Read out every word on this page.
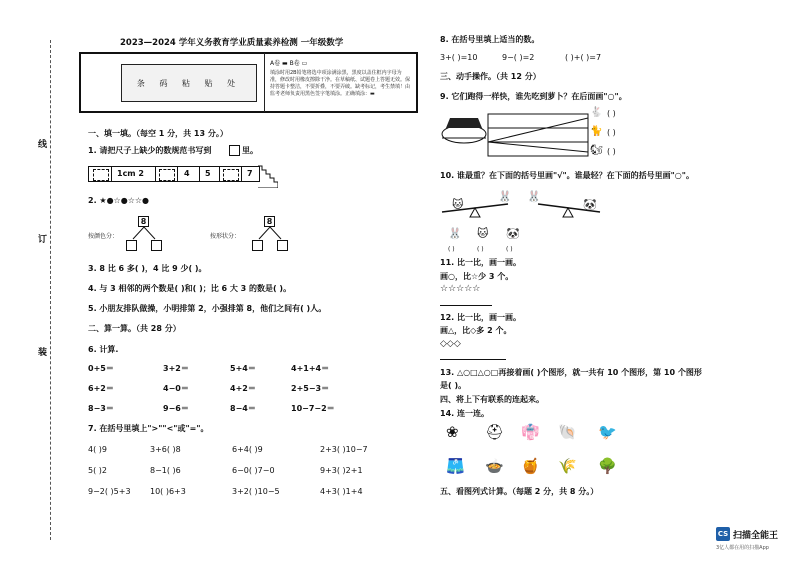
线
订
装
2023—2024 学年义务教育学业质量素养检测 一年级数学
条 码 粘 贴 处
A卷 ▬ B卷 ▭
填涂时用2B铅笔将选中项涂满涂黑，黑度以盖住框内字母为准，修改时用橡皮擦除干净。在草稿纸、试题卷上答题无效。保持答题卡整洁，不要折叠，不要弄破。缺考标记，考生禁填！由监考老师负责用黑色签字笔填涂。正确填涂：▬
一、填一填。（每空 1 分，共 13 分。）
1. 请把尺子上缺少的数规范书写到	里。
1cm 2	4 5	7
2. ★●☆●☆☆●
8
按颜色分：
8
按形状分：
3. 8 比 6 多( )，4 比 9 少( )。
4. 与 3 相邻的两个数是( )和( )；比 6 大 3 的数是( )。
5. 小朋友排队做操，小明排第 2，小强排第 8，他们之间有( )人。
二、算一算。（共 28 分）
6. 计算.
0+5＝	3+2＝	5+4＝	4+1+4＝
6+2＝	4−0＝	4+2＝	2+5−3＝
8−3＝	9−6＝	8−4＝	10−7−2＝
7. 在括号里填上">""<"或"="。
4( )9	3+6( )8	6+4( )9	2+3( )10−7
5( )2	8−1( )6	6−0( )7−0	9+3( )2+1
9−2( )5+3 10( )6+3	3+2( )10−5	4+3( )1+4
8. 在括号里填上适当的数。
3+( )=10	9−( )=2	( )+( )=7
三、动手操作。（共 12 分）
9. 它们跑得一样快，谁先吃到萝卜？在后面画"○"。
🐇
🐈
🐿
( )
( )
( )
10. 谁最重？在下面的括号里画"√"。谁最轻？在下面的括号里画"○"。
🐱
🐰 🐰
🐼
🐰 🐱 🐼
( )	( )	( )
11. 比一比，画一画。
画○，比☆少 3 个。
☆☆☆☆☆
12. 比一比，画一画。
画△，比◇多 2 个。
◇◇◇
13. △○□△○□再接着画( )个图形，就一共有 10 个图形，第 10 个图形
是( )。
四、将上下有联系的连起来。
14. 连一连。
❀ ⛑ 👘 🐚 🐦
🩳 🍲 🍯 🌾 🌳
五、看图列式计算。（每题 2 分，共 8 分。）
CS 扫描全能王
3亿人都在用的扫描App
